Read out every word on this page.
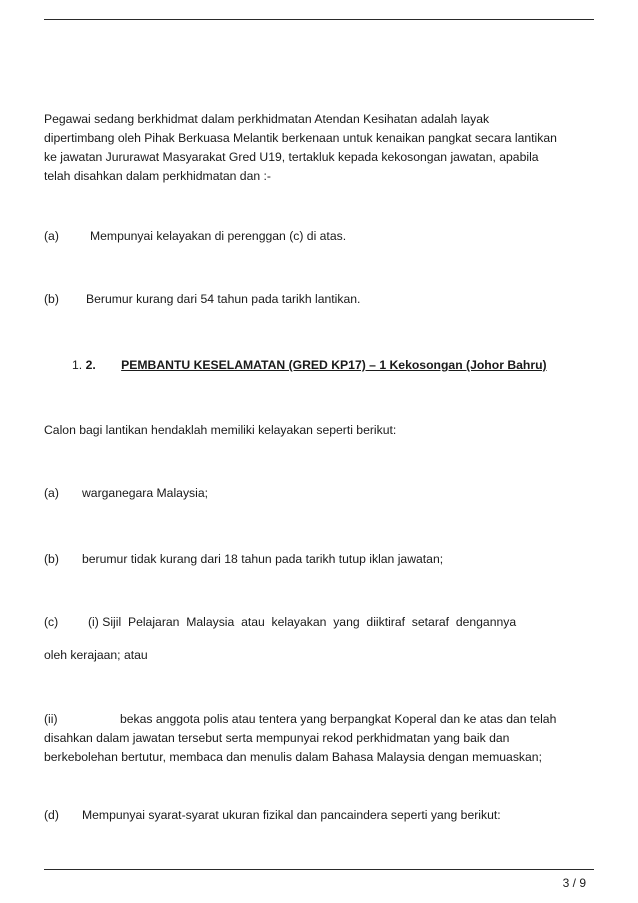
Pegawai sedang berkhidmat dalam perkhidmatan Atendan Kesihatan adalah layak
dipertimbang oleh Pihak Berkuasa Melantik berkenaan untuk kenaikan pangkat secara lantikan
ke jawatan Jururawat Masyarakat Gred U19, tertakluk kepada kekosongan jawatan, apabila
telah disahkan dalam perkhidmatan dan :-
(a)	Mempunyai kelayakan di perenggan (c) di atas.
(b) Berumur kurang dari 54 tahun pada tarikh lantikan.
1. 2. PEMBANTU KESELAMATAN (GRED KP17) – 1 Kekosongan (Johor Bahru)
Calon bagi lantikan hendaklah memiliki kelayakan seperti berikut:
(a) warganegara Malaysia;
(b) berumur tidak kurang dari 18 tahun pada tarikh tutup iklan jawatan;
(c) (i) Sijil  Pelajaran  Malaysia  atau  kelayakan  yang  diiktiraf  setaraf  dengannya
oleh kerajaan; atau
(ii)	bekas anggota polis atau tentera yang berpangkat Koperal dan ke atas dan telah
disahkan dalam jawatan tersebut serta mempunyai rekod perkhidmatan yang baik dan
berkebolehan bertutur, membaca dan menulis dalam Bahasa Malaysia dengan memuaskan;
(d) Mempunyai syarat-syarat ukuran fizikal dan pancaindera seperti yang berikut:
3 / 9
